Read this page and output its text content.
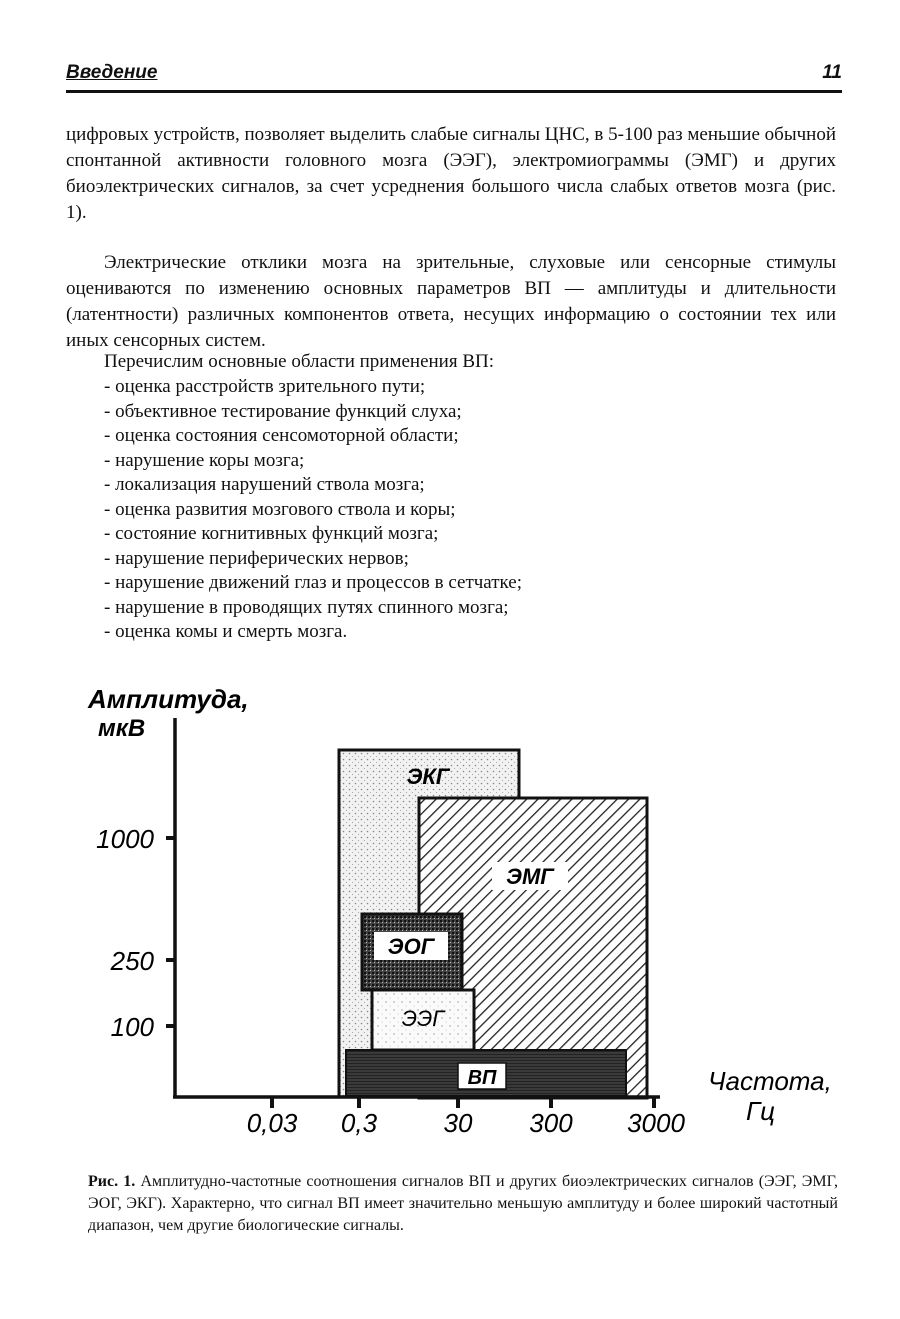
Введение	11

цифровых устройств, позволяет выделить слабые сигналы ЦНС, в 5-100 раз меньшие обычной спонтанной активности головного мозга (ЭЭГ), электромиограммы (ЭМГ) и других биоэлектрических сигналов, за счет усреднения большого числа слабых ответов мозга (рис. 1).

Электрические отклики мозга на зрительные, слуховые или сенсорные стимулы оцениваются по изменению основных параметров ВП — амплитуды и длительности (латентности) различных компонентов ответа, несущих информацию о состоянии тех или иных сенсорных систем.

Перечислим основные области применения ВП:

- оценка расстройств зрительного пути;
- объективное тестирование функций слуха;
- оценка состояния сенсомоторной области;
- нарушение коры мозга;
- локализация нарушений ствола мозга;
- оценка развития мозгового ствола и коры;
- состояние когнитивных функций мозга;
- нарушение периферических нервов;
- нарушение движений глаз и процессов в сетчатке;
- нарушение в проводящих путях спинного мозга;
- оценка комы и смерть мозга.
Амплитуда,
мкВ
ЭКГ
ЭМГ
ЭОГ
ЭЭГ
ВП
1000
250
100
0,03 0,3	30 300 3000
Частота,
Гц

Рис. 1. Амплитудно-частотные соотношения сигналов ВП и других биоэлектрических сигналов (ЭЭГ, ЭМГ, ЭОГ, ЭКГ). Характерно, что сигнал ВП имеет значительно меньшую амплитуду и более широкий частотный диапазон, чем другие биологические сигналы.
